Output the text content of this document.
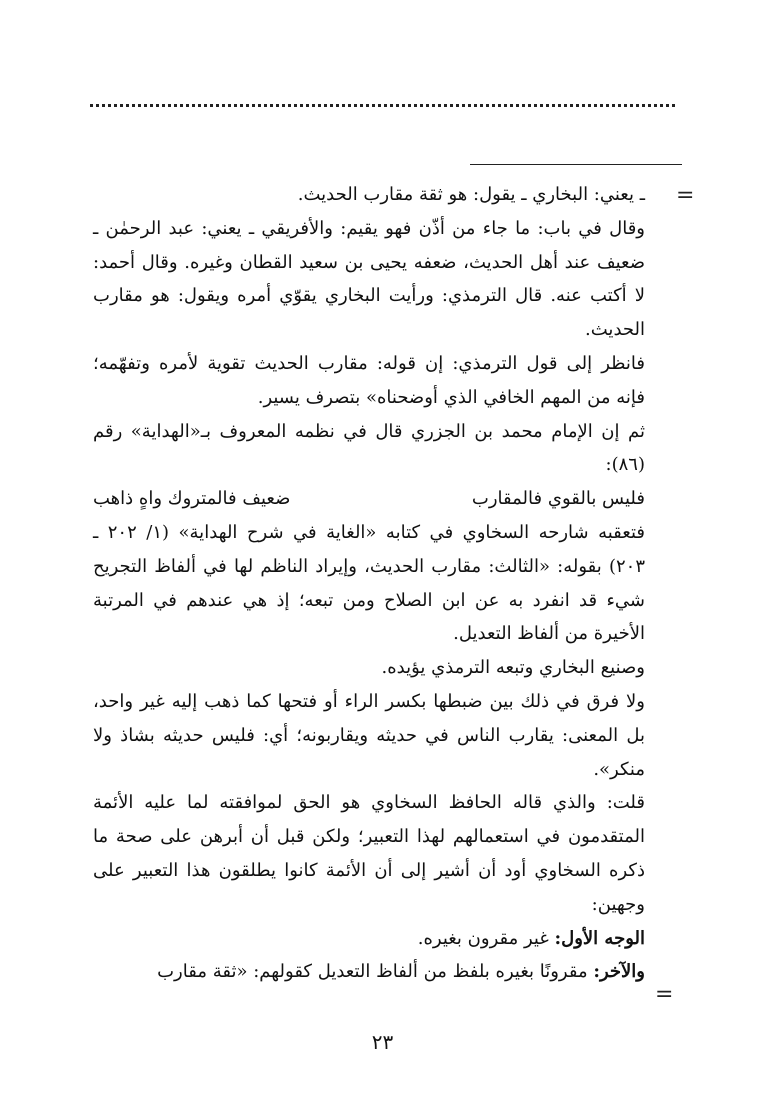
=

ـ يعني: البخاري ـ يقول: هو ثقة مقارب الحديث.

وقال في باب: ما جاء من أذّن فهو يقيم: والأفريقي ـ يعني: عبد الرحمٰن ـ ضعيف عند أهل الحديث، ضعفه يحيى بن سعيد القطان وغيره. وقال أحمد: لا أكتب عنه. قال الترمذي: ورأيت البخاري يقوّي أمره ويقول: هو مقارب الحديث.

فانظر إلى قول الترمذي: إن قوله: مقارب الحديث تقوية لأمره وتفهّمه؛ فإنه من المهم الخافي الذي أوضحناه» بتصرف يسير.

ثم إن الإمام محمد بن الجزري قال في نظمه المعروف بـ«الهداية» رقم (٨٦):

فليس بالقوي فالمقارب
ضعيف فالمتروك واهٍ ذاهب

فتعقبه شارحه السخاوي في كتابه «الغاية في شرح الهداية» (١/ ٢٠٢ ـ ٢٠٣) بقوله: «الثالث: مقارب الحديث، وإيراد الناظم لها في ألفاظ التجريح شيء قد انفرد به عن ابن الصلاح ومن تبعه؛ إذ هي عندهم في المرتبة الأخيرة من ألفاظ التعديل.

وصنيع البخاري وتبعه الترمذي يؤيده.

ولا فرق في ذلك بين ضبطها بكسر الراء أو فتحها كما ذهب إليه غير واحد، بل المعنى: يقارب الناس في حديثه ويقاربونه؛ أي: فليس حديثه بشاذ ولا منكر».

قلت: والذي قاله الحافظ السخاوي هو الحق لموافقته لما عليه الأئمة المتقدمون في استعمالهم لهذا التعبير؛ ولكن قبل أن أبرهن على صحة ما ذكره السخاوي أود أن أشير إلى أن الأئمة كانوا يطلقون هذا التعبير على وجهين:

الوجه الأول: غير مقرون بغيره.

والآخر: مقرونًا بغيره بلفظ من ألفاظ التعديل كقولهم: «ثقة مقارب

=
٢٣
